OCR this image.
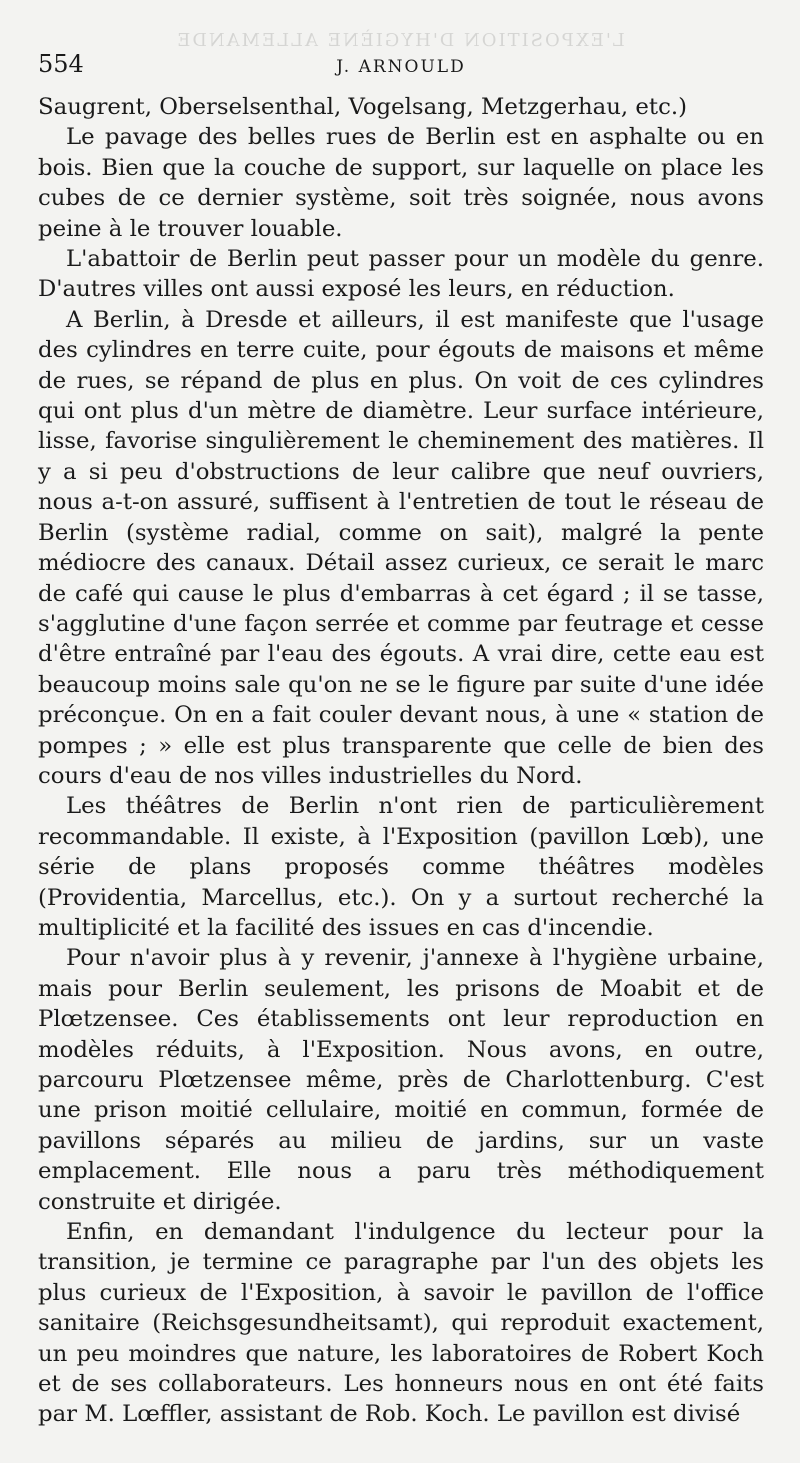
L'EXPOSITION D'HYGIÈNE ALLEMANDE
554	J. ARNOULD

Saugrent, Oberselsenthal, Vogelsang, Metzgerhau, etc.)

Le pavage des belles rues de Berlin est en asphalte ou en bois. Bien que la couche de support, sur laquelle on place les cubes de ce dernier système, soit très soignée, nous avons peine à le trouver louable.

L'abattoir de Berlin peut passer pour un modèle du genre. D'autres villes ont aussi exposé les leurs, en réduction.

A Berlin, à Dresde et ailleurs, il est manifeste que l'usage des cylindres en terre cuite, pour égouts de maisons et même de rues, se répand de plus en plus. On voit de ces cylindres qui ont plus d'un mètre de diamètre. Leur surface intérieure, lisse, favorise singulièrement le cheminement des matières. Il y a si peu d'obstructions de leur calibre que neuf ouvriers, nous a-t-on assuré, suffisent à l'entretien de tout le réseau de Berlin (système radial, comme on sait), malgré la pente médiocre des canaux. Détail assez curieux, ce serait le marc de café qui cause le plus d'embarras à cet égard ; il se tasse, s'agglutine d'une façon serrée et comme par feutrage et cesse d'être entraîné par l'eau des égouts. A vrai dire, cette eau est beaucoup moins sale qu'on ne se le figure par suite d'une idée préconçue. On en a fait couler devant nous, à une « station de pompes ; » elle est plus transparente que celle de bien des cours d'eau de nos villes industrielles du Nord.

Les théâtres de Berlin n'ont rien de particulièrement recommandable. Il existe, à l'Exposition (pavillon Lœb), une série de plans proposés comme théâtres modèles (Providentia, Marcellus, etc.). On y a surtout recherché la multiplicité et la facilité des issues en cas d'incendie.

Pour n'avoir plus à y revenir, j'annexe à l'hygiène urbaine, mais pour Berlin seulement, les prisons de Moabit et de Plœtzensee. Ces établissements ont leur reproduction en modèles réduits, à l'Exposition. Nous avons, en outre, parcouru Plœtzensee même, près de Charlottenburg. C'est une prison moitié cellulaire, moitié en commun, formée de pavillons séparés au milieu de jardins, sur un vaste emplacement. Elle nous a paru très méthodiquement construite et dirigée.

Enfin, en demandant l'indulgence du lecteur pour la transition, je termine ce paragraphe par l'un des objets les plus curieux de l'Exposition, à savoir le pavillon de l'office sanitaire (Reichsgesundheitsamt), qui reproduit exactement, un peu moindres que nature, les laboratoires de Robert Koch et de ses collaborateurs. Les honneurs nous en ont été faits par M. Lœffler, assistant de Rob. Koch. Le pavillon est divisé
